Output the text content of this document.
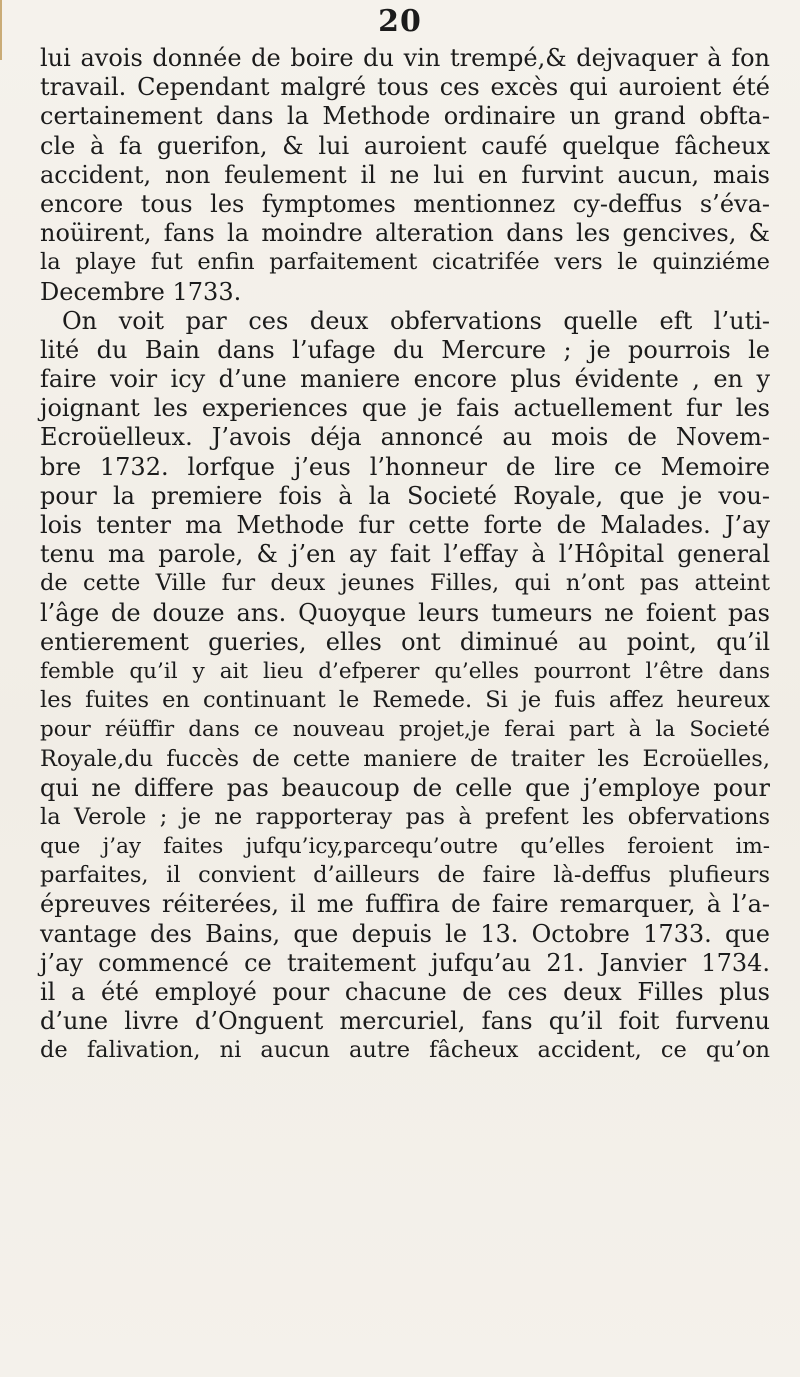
20
lui avois donnée de boire du vin trempé,& dejvaquer à fon
travail. Cependant malgré tous ces excès qui auroient été
certainement dans la Methode ordinaire un grand obfta-
cle à fa guerifon, & lui auroient caufé quelque fâcheux
accident, non feulement il ne lui en furvint aucun, mais
encore tous les fymptomes mentionnez cy-deffus s’éva-
noüirent, fans la moindre alteration dans les gencives, &
la playe fut enfin parfaitement cicatrifée vers le quinziéme
Decembre 1733.
On voit par ces deux obfervations quelle eft l’uti-
lité du Bain dans l’ufage du Mercure ; je pourrois le
faire voir icy d’une maniere encore plus évidente , en y
joignant les experiences que je fais actuellement fur les
Ecroüelleux. J’avois déja annoncé au mois de Novem-
bre 1732. lorfque j’eus l’honneur de lire ce Memoire
pour la premiere fois à la Societé Royale, que je vou-
lois tenter ma Methode fur cette forte de Malades. J’ay
tenu ma parole, & j’en ay fait l’effay à l’Hôpital general
de cette Ville fur deux jeunes Filles, qui n’ont pas atteint
l’âge de douze ans. Quoyque leurs tumeurs ne foient pas
entierement gueries, elles ont diminué au point, qu’il
femble qu’il y ait lieu d’efperer qu’elles pourront l’être dans
les fuites en continuant le Remede. Si je fuis affez heureux
pour réüffir dans ce nouveau projet,je ferai part à la Societé
Royale,du fuccès de cette maniere de traiter les Ecroüelles,
qui ne differe pas beaucoup de celle que j’employe pour
la Verole ; je ne rapporteray pas à prefent les obfervations
que j’ay faites jufqu’icy,parcequ’outre qu’elles feroient im-
parfaites, il convient d’ailleurs de faire là-deffus plufieurs
épreuves réiterées, il me fuffira de faire remarquer, à l’a-
vantage des Bains, que depuis le 13. Octobre 1733. que
j’ay commencé ce traitement jufqu’au 21. Janvier 1734.
il a été employé pour chacune de ces deux Filles plus
d’une livre d’Onguent mercuriel, fans qu’il foit furvenu
de falivation, ni aucun autre fâcheux accident, ce qu’on
